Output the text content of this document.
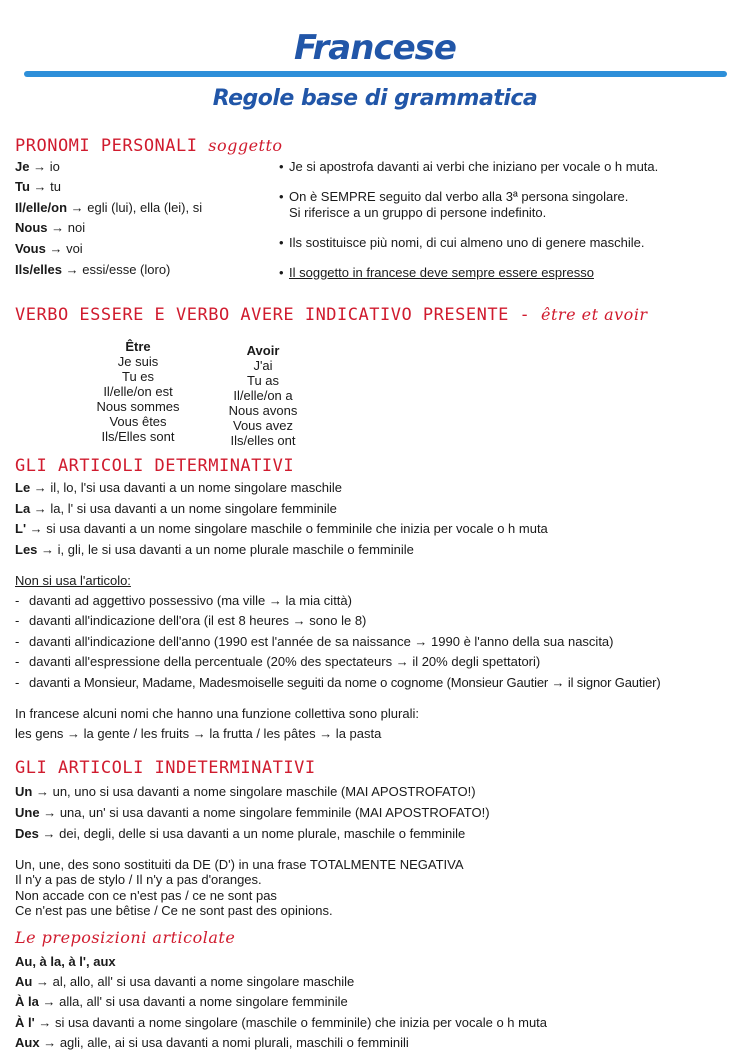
Francese
Regole base di grammatica
PRONOMI PERSONALI soggetto
Je → io
Tu → tu
Il/elle/on → egli (lui), ella (lei), si
Nous → noi
Vous → voi
Ils/elles → essi/esse (loro)
• Je si apostrofa davanti ai verbi che iniziano per vocale o h muta.
• On è SEMPRE seguito dal verbo alla 3ª persona singolare.
Si riferisce a un gruppo di persone indefinito.
• Ils sostituisce più nomi, di cui almeno uno di genere maschile.
• Il soggetto in francese deve sempre essere espresso
VERBO ESSERE E VERBO AVERE INDICATIVO PRESENTE - être et avoir
Être
Je suis
Tu es
Il/elle/on est
Nous sommes
Vous êtes
Ils/Elles sont
Avoir
J'ai
Tu as
Il/elle/on a
Nous avons
Vous avez
Ils/elles ont
GLI ARTICOLI DETERMINATIVI
Le → il, lo, l'si usa davanti a un nome singolare maschile
La → la, l' si usa davanti a un nome singolare femminile
L' → si usa davanti a un nome singolare maschile o femminile che inizia per vocale o h muta
Les → i, gli, le si usa davanti a un nome plurale maschile o femminile
Non si usa l'articolo:
- davanti ad aggettivo possessivo (ma ville → la mia città)
- davanti all'indicazione dell'ora (il est 8 heures → sono le 8)
- davanti all'indicazione dell'anno (1990 est l'année de sa naissance → 1990 è l'anno della sua nascita)
- davanti all'espressione della percentuale (20% des spectateurs → il 20% degli spettatori)
- davanti a Monsieur, Madame, Madesmoiselle seguiti da nome o cognome (Monsieur Gautier → il signor Gautier)
In francese alcuni nomi che hanno una funzione collettiva sono plurali:
les gens → la gente / les fruits → la frutta / les pâtes → la pasta
GLI ARTICOLI INDETERMINATIVI
Un → un, uno si usa davanti a nome singolare maschile (MAI APOSTROFATO!)
Une → una, un' si usa davanti a nome singolare femminile (MAI APOSTROFATO!)
Des → dei, degli, delle si usa davanti a un nome plurale, maschile o femminile
Un, une, des sono sostituiti da DE (D') in una frase TOTALMENTE NEGATIVA
Il n'y a pas de stylo / Il n'y a pas d'oranges.
Non accade con ce n'est pas / ce ne sont pas
Ce n'est pas une bêtise / Ce ne sont past des opinions.
Le preposizioni articolate
Au, à la, à l', aux
Au → al, allo, all' si usa davanti a nome singolare maschile
À la → alla, all' si usa davanti a nome singolare femminile
À l' → si usa davanti a nome singolare (maschile o femminile) che inizia per vocale o h muta
Aux → agli, alle, ai si usa davanti a nomi plurali, maschili o femminili
